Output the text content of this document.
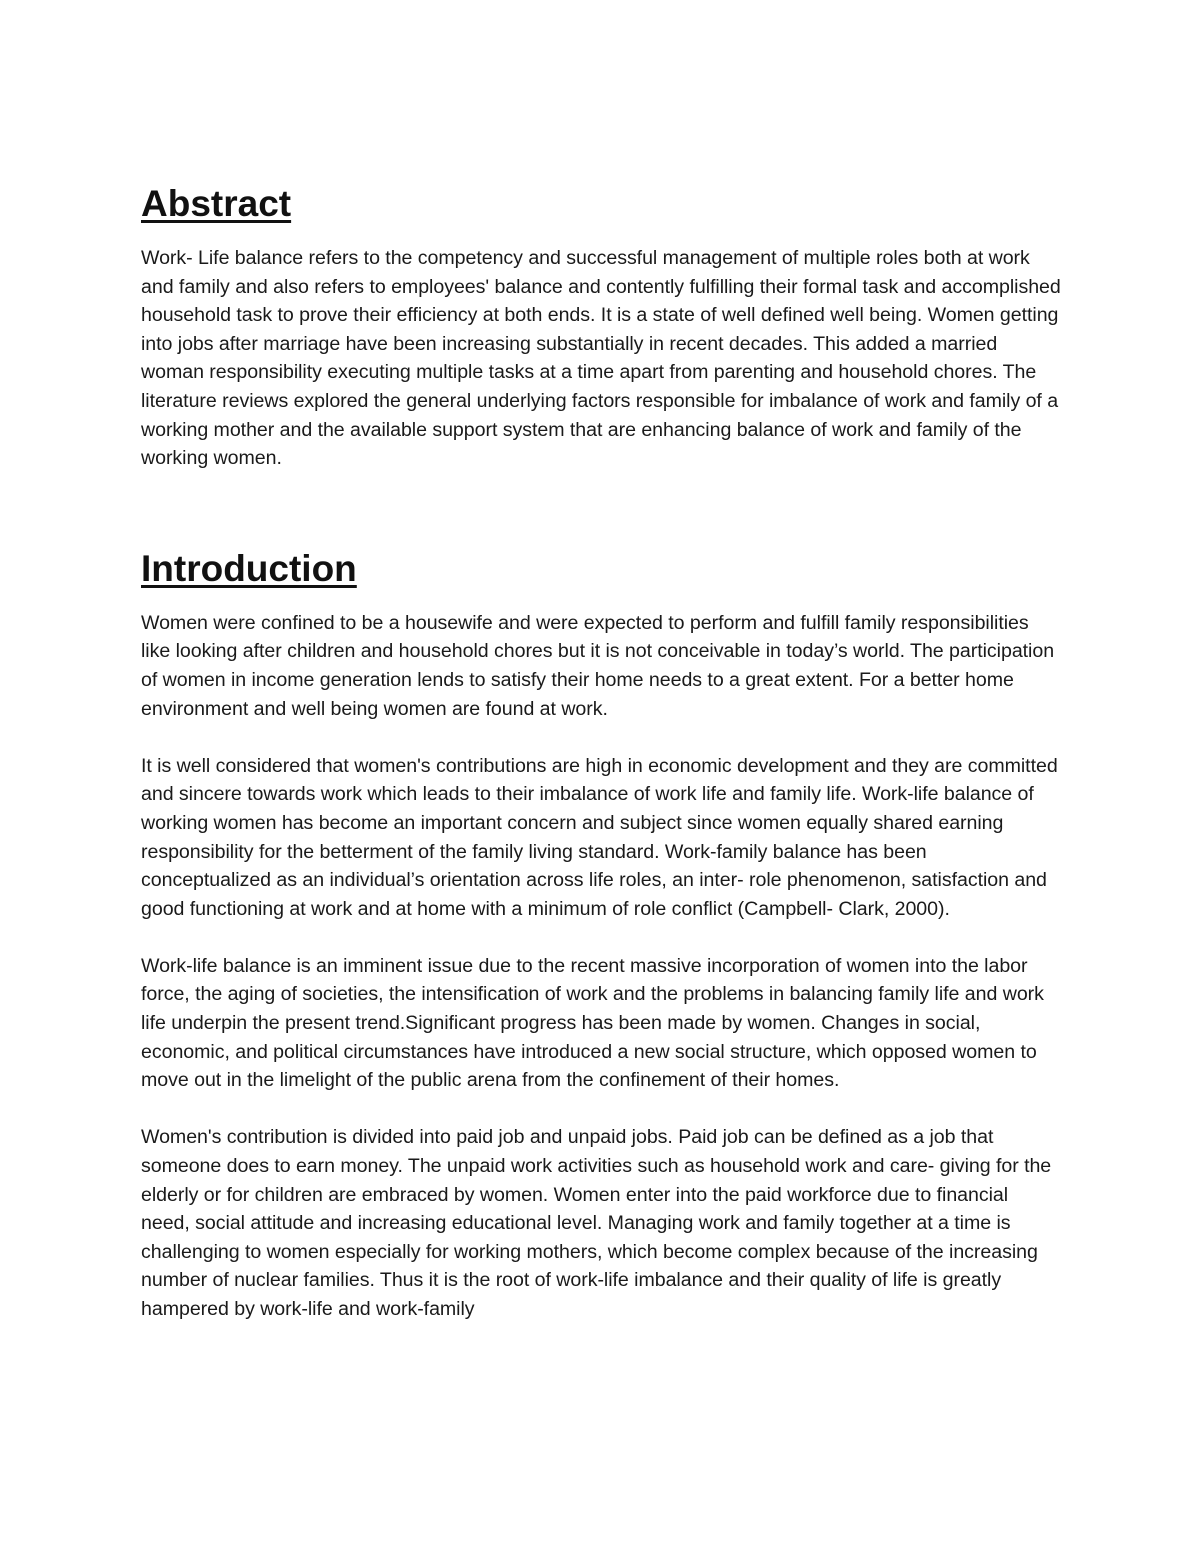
Abstract

Work- Life balance refers to the competency and successful management of multiple roles both at work and family and also refers to employees' balance and contently fulfilling their formal task and accomplished household task to prove their efficiency at both ends. It is a state of well defined well being. Women getting into jobs after marriage have been increasing substantially in recent decades. This added a married woman responsibility executing multiple tasks at a time apart from parenting and household chores. The literature reviews explored the general underlying factors responsible for imbalance of work and family of a working mother and the available support system that are enhancing balance of work and family of the working women.

Introduction

Women were confined to be a housewife and were expected to perform and fulfill family responsibilities like looking after children and household chores but it is not conceivable in today’s world. The participation of women in income generation lends to satisfy their home needs to a great extent. For a better home environment and well being women are found at work.

It is well considered that women's contributions are high in economic development and they are committed and sincere towards work which leads to their imbalance of work life and family life. Work-life balance of working women has become an important concern and subject since women equally shared earning responsibility for the betterment of the family living standard. Work-family balance has been conceptualized as an individual’s orientation across life roles, an inter- role phenomenon, satisfaction and good functioning at work and at home with a minimum of role conflict (Campbell- Clark, 2000).

Work-life balance is an imminent issue due to the recent massive incorporation of women into the labor force, the aging of societies, the intensification of work and the problems in balancing family life and work life underpin the present trend.Significant progress has been made by women. Changes in social, economic, and political circumstances have introduced a new social structure, which opposed women to move out in the limelight of the public arena from the confinement of their homes.

Women's contribution is divided into paid job and unpaid jobs. Paid job can be defined as a job that someone does to earn money. The unpaid work activities such as household work and care- giving for the elderly or for children are embraced by women. Women enter into the paid workforce due to financial need, social attitude and increasing educational level. Managing work and family together at a time is challenging to women especially for working mothers, which become complex because of the increasing number of nuclear families. Thus it is the root of work-life imbalance and their quality of life is greatly hampered by work-life and work-family
